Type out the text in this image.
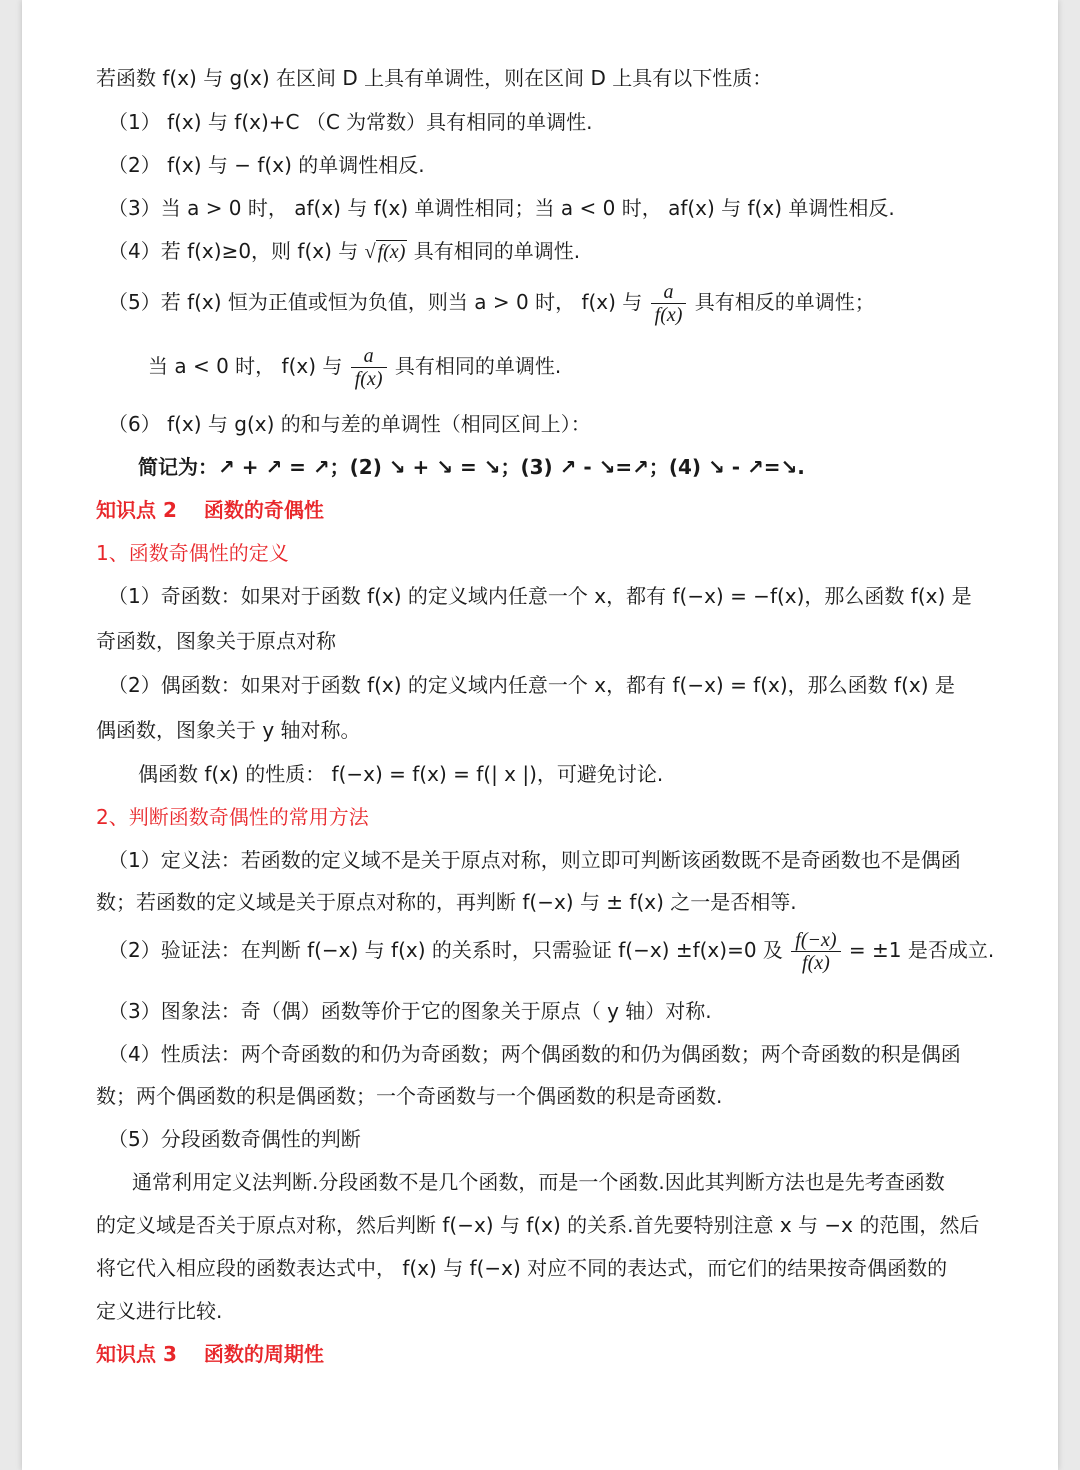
若函数 f(x) 与 g(x) 在区间 D 上具有单调性，则在区间 D 上具有以下性质：
（1） f(x) 与 f(x)+C （C 为常数）具有相同的单调性.
（2） f(x) 与 − f(x) 的单调性相反.
（3）当 a > 0 时， af(x) 与 f(x) 单调性相同；当 a < 0 时， af(x) 与 f(x) 单调性相反.
（4）若 f(x)≥0，则 f(x) 与 √ f(x) 具有相同的单调性.
（5）若 f(x) 恒为正值或恒为负值，则当 a > 0 时， f(x) 与 $\frac{a}{f(x)}$ 具有相反的单调性；
当 a < 0 时， f(x) 与 $\frac{a}{f(x)}$ 具有相同的单调性.
（6） f(x) 与 g(x) 的和与差的单调性（相同区间上）：
简记为：↗ + ↗ = ↗；(2) ↘ + ↘ = ↘；(3) ↗ - ↘=↗；(4) ↘ - ↗=↘.
知识点 2　 函数的奇偶性
1、函数奇偶性的定义
（1）奇函数：如果对于函数 f(x) 的定义域内任意一个 x，都有 f(−x) = −f(x)，那么函数 f(x) 是
奇函数，图象关于原点对称
（2）偶函数：如果对于函数 f(x) 的定义域内任意一个 x，都有 f(−x) = f(x)，那么函数 f(x) 是
偶函数，图象关于 y 轴对称。
偶函数 f(x) 的性质： f(−x) = f(x) = f(| x |)，可避免讨论.
2、判断函数奇偶性的常用方法
（1）定义法：若函数的定义域不是关于原点对称，则立即可判断该函数既不是奇函数也不是偶函
数；若函数的定义域是关于原点对称的，再判断 f(−x) 与 ± f(x) 之一是否相等.
（2）验证法：在判断 f(−x) 与 f(x) 的关系时，只需验证 f(−x) ±f(x)=0 及 $\frac{f(-x)}{f(x)} = \pm 1$ 是否成立.
（3）图象法：奇（偶）函数等价于它的图象关于原点（ y 轴）对称.
（4）性质法：两个奇函数的和仍为奇函数；两个偶函数的和仍为偶函数；两个奇函数的积是偶函
数；两个偶函数的积是偶函数；一个奇函数与一个偶函数的积是奇函数.
（5）分段函数奇偶性的判断
通常利用定义法判断.分段函数不是几个函数，而是一个函数.因此其判断方法也是先考查函数
的定义域是否关于原点对称，然后判断 f(−x) 与 f(x) 的关系.首先要特别注意 x 与 −x 的范围，然后
将它代入相应段的函数表达式中， f(x) 与 f(−x) 对应不同的表达式，而它们的结果按奇偶函数的
定义进行比较.
知识点 3　 函数的周期性
